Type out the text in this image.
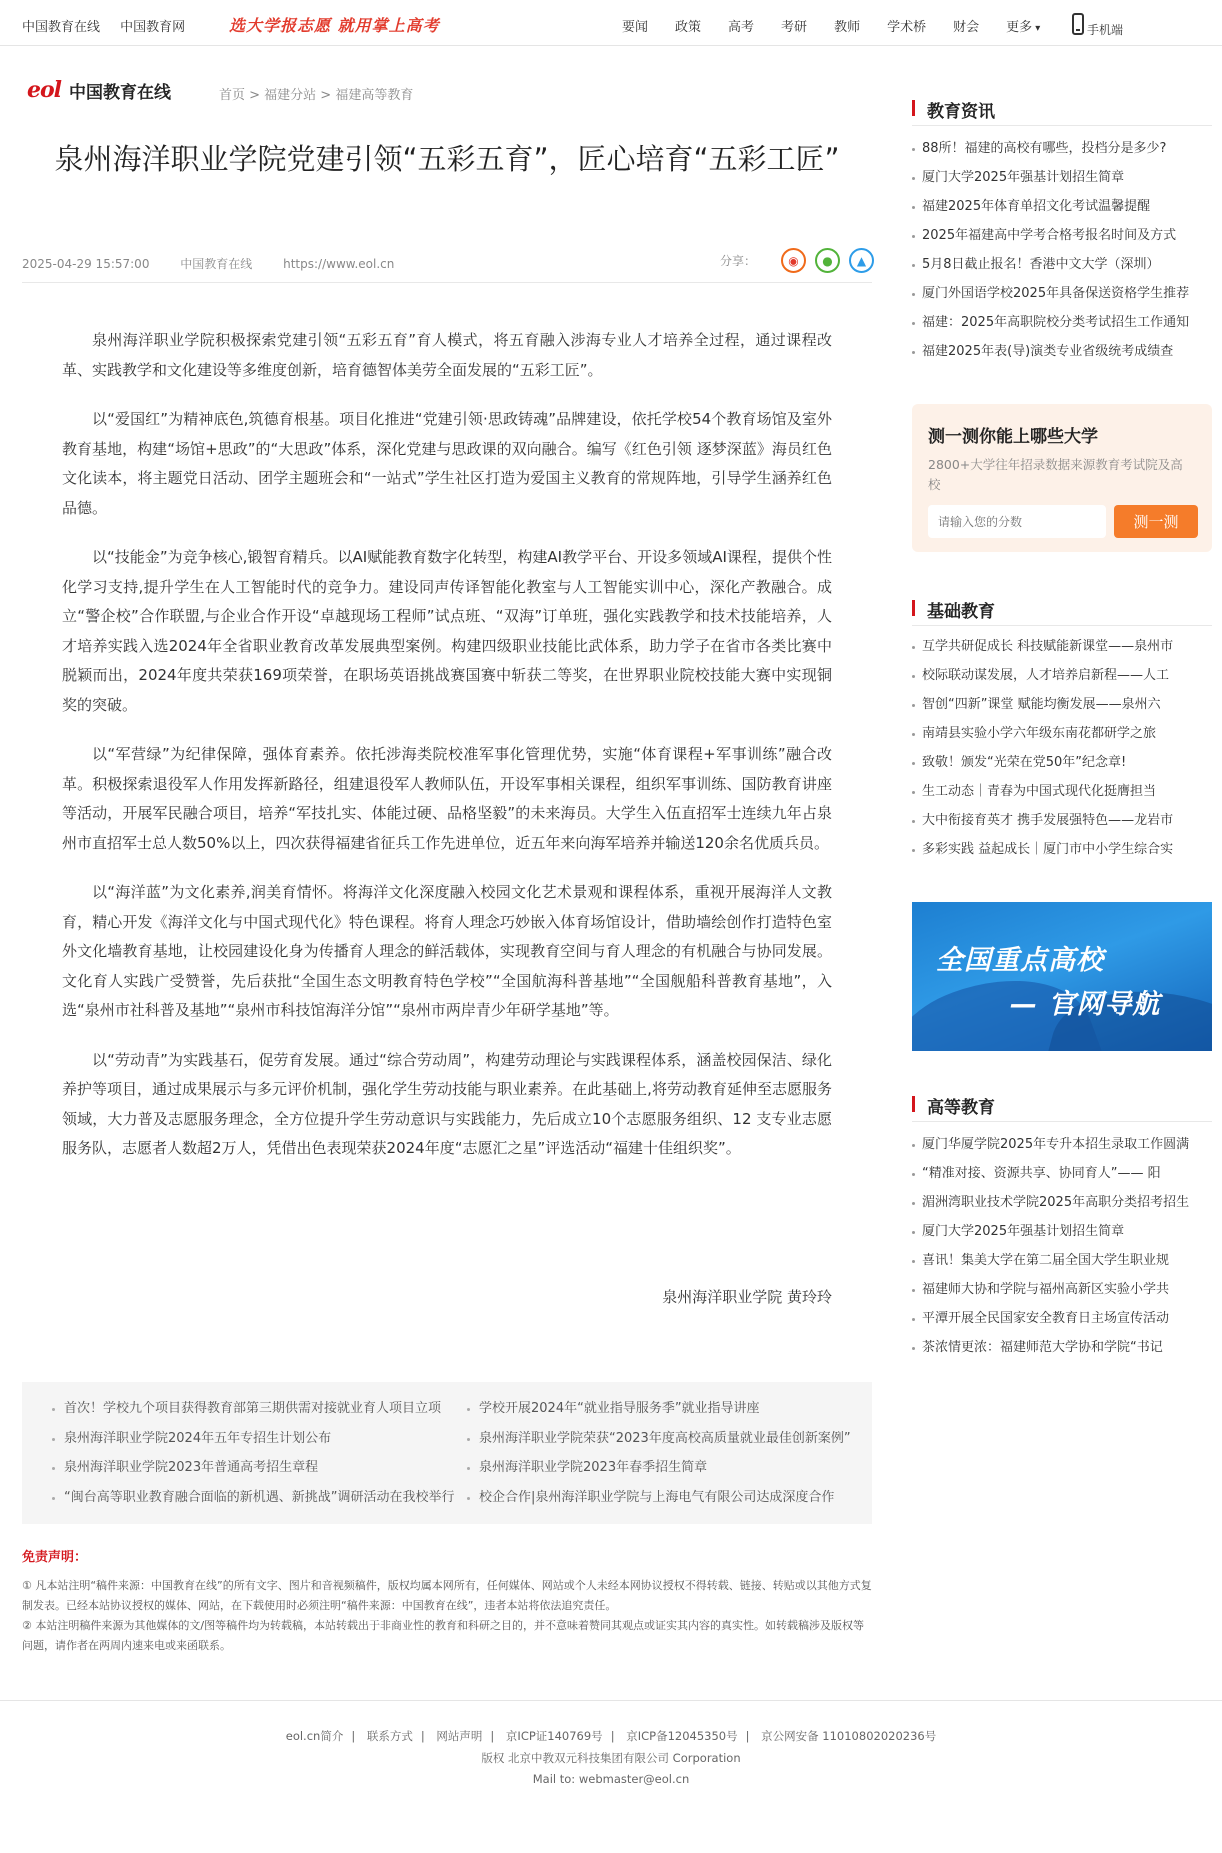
中国教育在线 中国教育网	选大学报志愿 就用掌上高考	要闻 政策 高考 考研 教师 学术桥 财会 更多 ▾	手机端
eol 中国教育在线	首页 > 福建分站 > 福建高等教育
泉州海洋职业学院党建引领“五彩五育”，匠心培育“五彩工匠”
2025-04-29 15:57:00	中国教育在线	https://www.eol.cn	分享：	◉	●	▲

泉州海洋职业学院积极探索党建引领“五彩五育”育人模式，将五育融入涉海专业人才培养全过程，通过课程改革、实践教学和文化建设等多维度创新，培育德智体美劳全面发展的“五彩工匠”。

以“爱国红”为精神底色,筑德育根基。项目化推进“党建引领·思政铸魂”品牌建设，依托学校54个教育场馆及室外教育基地，构建“场馆+思政”的“大思政”体系，深化党建与思政课的双向融合。编写《红色引领 逐梦深蓝》海员红色文化读本，将主题党日活动、团学主题班会和“一站式”学生社区打造为爱国主义教育的常规阵地，引导学生涵养红色品德。

以“技能金”为竞争核心,锻智育精兵。以AI赋能教育数字化转型，构建AI教学平台、开设多领域AI课程，提供个性化学习支持,提升学生在人工智能时代的竞争力。建设同声传译智能化教室与人工智能实训中心，深化产教融合。成立“警企校”合作联盟,与企业合作开设“卓越现场工程师”试点班、“双海”订单班，强化实践教学和技术技能培养，人才培养实践入选2024年全省职业教育改革发展典型案例。构建四级职业技能比武体系，助力学子在省市各类比赛中脱颖而出，2024年度共荣获169项荣誉，在职场英语挑战赛国赛中斩获二等奖，在世界职业院校技能大赛中实现铜奖的突破。

以“军营绿”为纪律保障，强体育素养。依托涉海类院校准军事化管理优势，实施“体育课程+军事训练”融合改革。积极探索退役军人作用发挥新路径，组建退役军人教师队伍，开设军事相关课程，组织军事训练、国防教育讲座等活动，开展军民融合项目，培养“军技扎实、体能过硬、品格坚毅”的未来海员。大学生入伍直招军士连续九年占泉州市直招军士总人数50%以上，四次获得福建省征兵工作先进单位，近五年来向海军培养并输送120余名优质兵员。

以“海洋蓝”为文化素养,润美育情怀。将海洋文化深度融入校园文化艺术景观和课程体系，重视开展海洋人文教育，精心开发《海洋文化与中国式现代化》特色课程。将育人理念巧妙嵌入体育场馆设计，借助墙绘创作打造特色室外文化墙教育基地，让校园建设化身为传播育人理念的鲜活载体，实现教育空间与育人理念的有机融合与协同发展。文化育人实践广受赞誉，先后获批“全国生态文明教育特色学校”“全国航海科普基地”“全国舰船科普教育基地”，入选“泉州市社科普及基地”“泉州市科技馆海洋分馆”“泉州市两岸青少年研学基地”等。

以“劳动青”为实践基石，促劳育发展。通过“综合劳动周”，构建劳动理论与实践课程体系，涵盖校园保洁、绿化养护等项目，通过成果展示与多元评价机制，强化学生劳动技能与职业素养。在此基础上,将劳动教育延伸至志愿服务领域，大力普及志愿服务理念，全方位提升学生劳动意识与实践能力，先后成立10个志愿服务组织、12 支专业志愿服务队，志愿者人数超2万人，凭借出色表现荣获2024年度“志愿汇之星”评选活动“福建十佳组织奖”。

泉州海洋职业学院 黄玲玲
首次！学校九个项目获得教育部第三期供需对接就业育人项目立项	学校开展2024年“就业指导服务季”就业指导讲座
泉州海洋职业学院2024年五年专招生计划公布	泉州海洋职业学院荣获“2023年度高校高质量就业最佳创新案例”
泉州海洋职业学院2023年普通高考招生章程	泉州海洋职业学院2023年春季招生简章
“闽台高等职业教育融合面临的新机遇、新挑战”调研活动在我校举行	校企合作|泉州海洋职业学院与上海电气有限公司达成深度合作
免责声明：
① 凡本站注明“稿件来源：中国教育在线”的所有文字、图片和音视频稿件，版权均属本网所有，任何媒体、网站或个人未经本网协议授权不得转载、链接、转贴或以其他方式复制发表。已经本站协议授权的媒体、网站，在下载使用时必须注明“稿件来源：中国教育在线”，违者本站将依法追究责任。
② 本站注明稿件来源为其他媒体的文/图等稿件均为转载稿，本站转载出于非商业性的教育和科研之目的，并不意味着赞同其观点或证实其内容的真实性。如转载稿涉及版权等问题，请作者在两周内速来电或来函联系。
eol.cn简介 | 联系方式 | 网站声明 | 京ICP证140769号 | 京ICP备12045350号 | 京公网安备 11010802020236号
版权 北京中教双元科技集团有限公司 Corporation
Mail to: webmaster@eol.cn
教育资讯
88所！福建的高校有哪些，投档分是多少?
厦门大学2025年强基计划招生简章
福建2025年体育单招文化考试温馨提醒
2025年福建高中学考合格考报名时间及方式
5月8日截止报名！香港中文大学（深圳）
厦门外国语学校2025年具备保送资格学生推荐
福建：2025年高职院校分类考试招生工作通知
福建2025年表(导)演类专业省级统考成绩查
测一测你能上哪些大学
2800+大学往年招录数据来源教育考试院及高校
请输入您的分数
测一测
基础教育
互学共研促成长 科技赋能新课堂——泉州市
校际联动谋发展，人才培养启新程——人工
智创“四新”课堂 赋能均衡发展——泉州六
南靖县实验小学六年级东南花都研学之旅
致敬！颁发“光荣在党50年”纪念章!
生工动态｜青春为中国式现代化挺膺担当
大中衔接育英才 携手发展强特色——龙岩市
多彩实践 益起成长｜厦门市中小学生综合实
全国重点高校
— 官网导航
高等教育
厦门华厦学院2025年专升本招生录取工作圆满
“精准对接、资源共享、协同育人”—— 阳
湄洲湾职业技术学院2025年高职分类招考招生
厦门大学2025年强基计划招生简章
喜讯！集美大学在第二届全国大学生职业规
福建师大协和学院与福州高新区实验小学共
平潭开展全民国家安全教育日主场宣传活动
茶浓情更浓：福建师范大学协和学院“书记
